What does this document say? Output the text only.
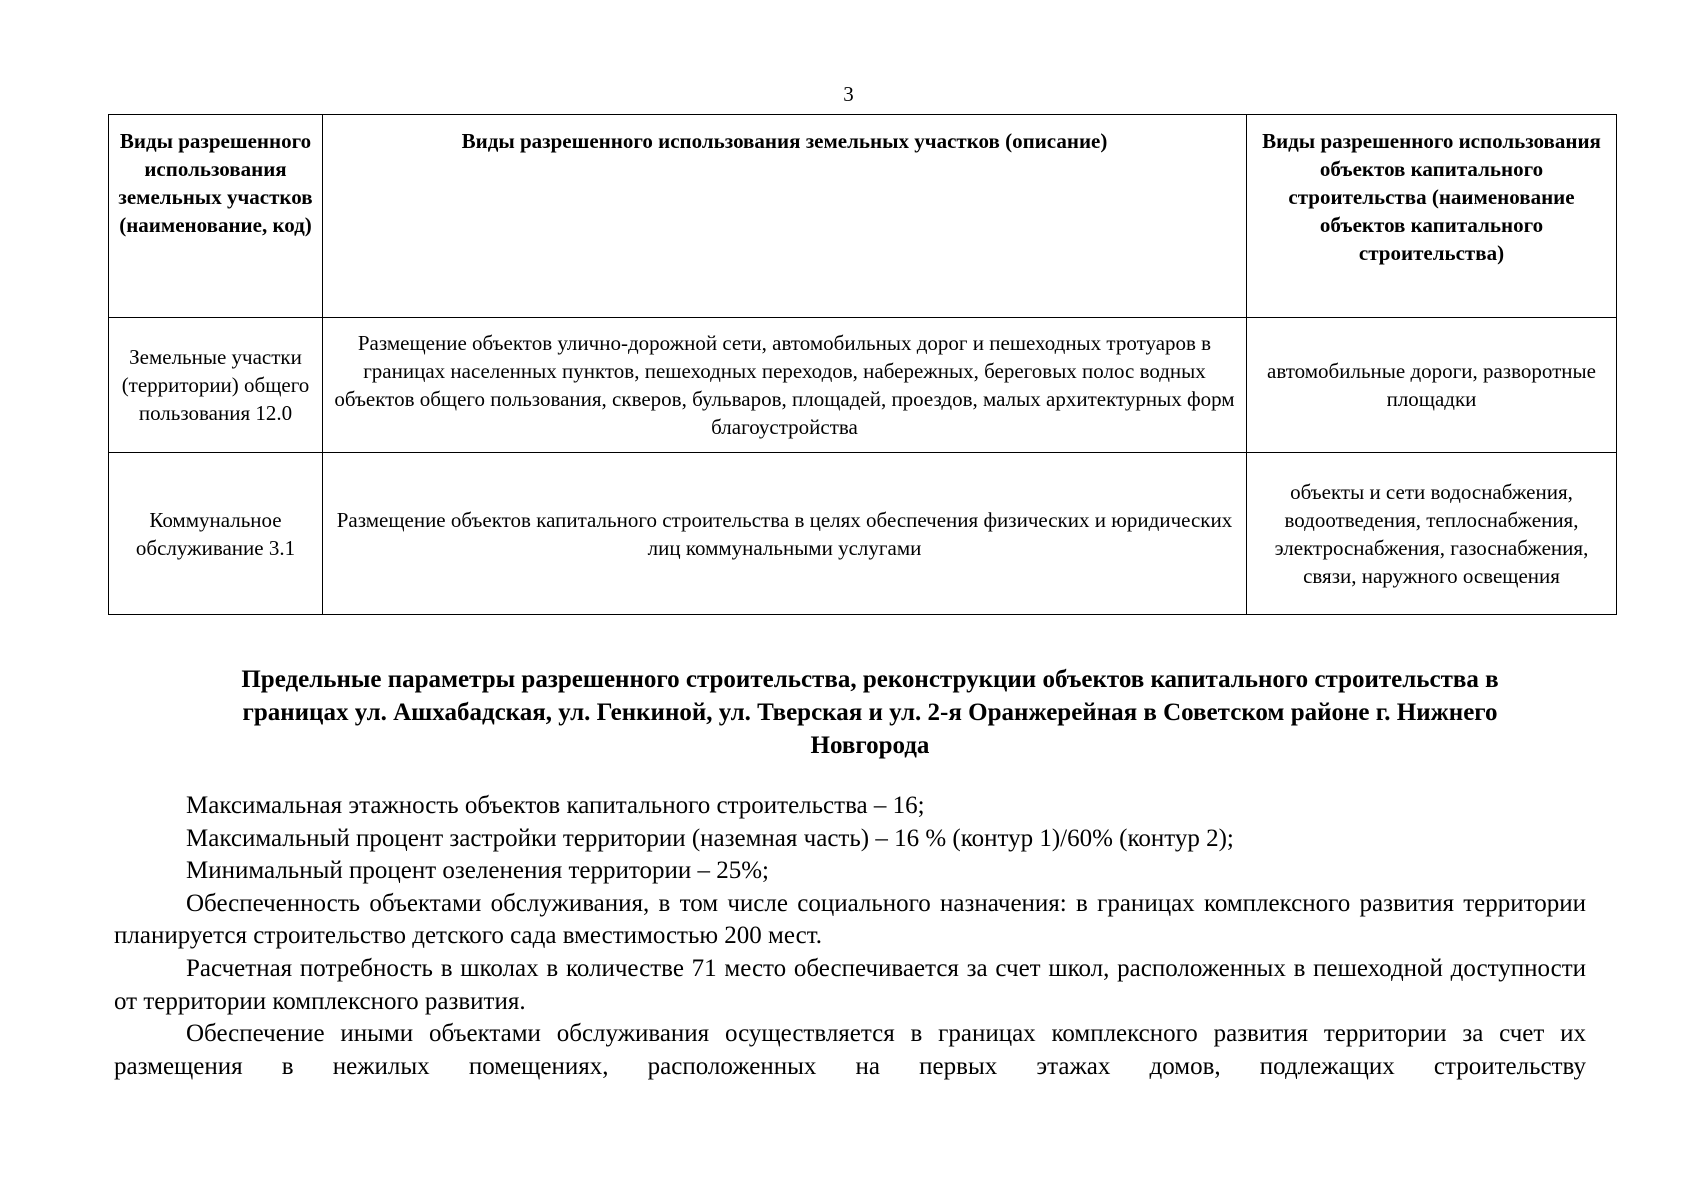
3
Виды разрешенного использования земельных участков (наименование, код)	Виды разрешенного использования земельных участков (описание)	Виды разрешенного использования объектов капитального строительства (наименование объектов капитального строительства)
Земельные участки (территории) общего пользования 12.0	Размещение объектов улично-дорожной сети, автомобильных дорог и пешеходных тротуаров в границах населенных пунктов, пешеходных переходов, набережных, береговых полос водных объектов общего пользования, скверов, бульваров, площадей, проездов, малых архитектурных форм благоустройства	автомобильные дороги, разворотные площадки
Коммунальное обслуживание 3.1	Размещение объектов капитального строительства в целях обеспечения физических и юридических лиц коммунальными услугами	объекты и сети водоснабжения, водоотведения, теплоснабжения, электроснабжения, газоснабжения, связи, наружного освещения
Предельные параметры разрешенного строительства, реконструкции объектов капитального строительства в границах ул. Ашхабадская, ул. Генкиной, ул. Тверская и ул. 2-я Оранжерейная в Советском районе г. Нижнего Новгорода

Максимальная этажность объектов капитального строительства – 16;

Максимальный процент застройки территории (наземная часть) – 16 % (контур 1)/60% (контур 2);

Минимальный процент озеленения территории – 25%;

Обеспеченность объектами обслуживания, в том числе социального назначения: в границах комплексного развития территории планируется строительство детского сада вместимостью 200 мест.

Расчетная потребность в школах в количестве 71 место обеспечивается за счет школ, расположенных в пешеходной доступности от территории комплексного развития.

Обеспечение иными объектами обслуживания осуществляется в границах комплексного развития территории за счет их размещения в нежилых помещениях, расположенных на первых этажах домов, подлежащих строительству
